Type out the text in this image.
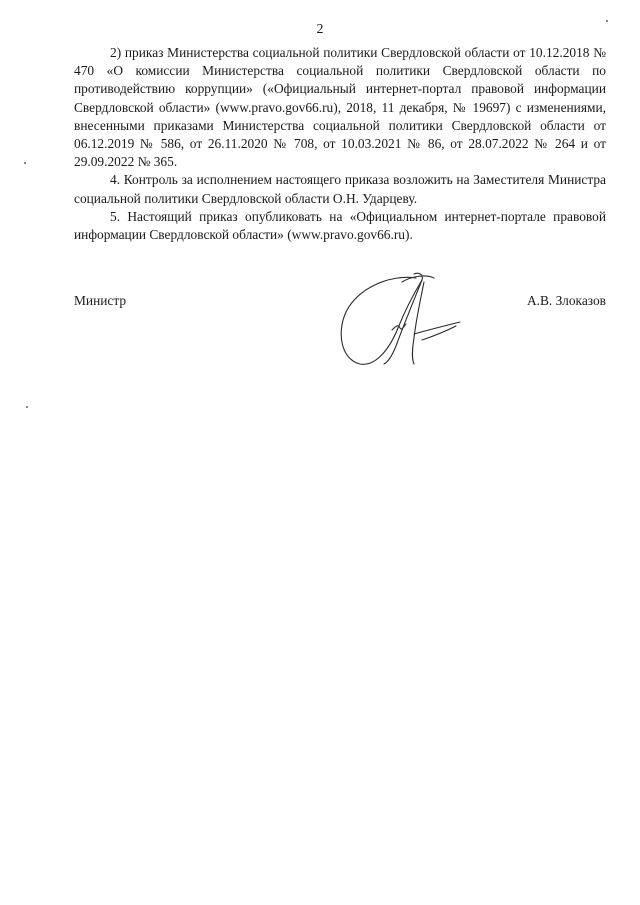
2

2) приказ Министерства социальной политики Свердловской области от 10.12.2018 № 470 «О комиссии Министерства социальной политики Свердловской области по противодействию коррупции» («Официальный интернет-портал правовой информации Свердловской области» (www.pravo.gov66.ru), 2018, 11 декабря, № 19697) с изменениями, внесенными приказами Министерства социальной политики Свердловской области от 06.12.2019 № 586, от 26.11.2020 № 708, от 10.03.2021 № 86, от 28.07.2022 № 264 и от 29.09.2022 № 365.

4. Контроль за исполнением настоящего приказа возложить на Заместителя Министра социальной политики Свердловской области О.Н. Ударцеву.

5. Настоящий приказ опубликовать на «Официальном интернет-портале правовой информации Свердловской области» (www.pravo.gov66.ru).

Министр	А.В. Злоказов
